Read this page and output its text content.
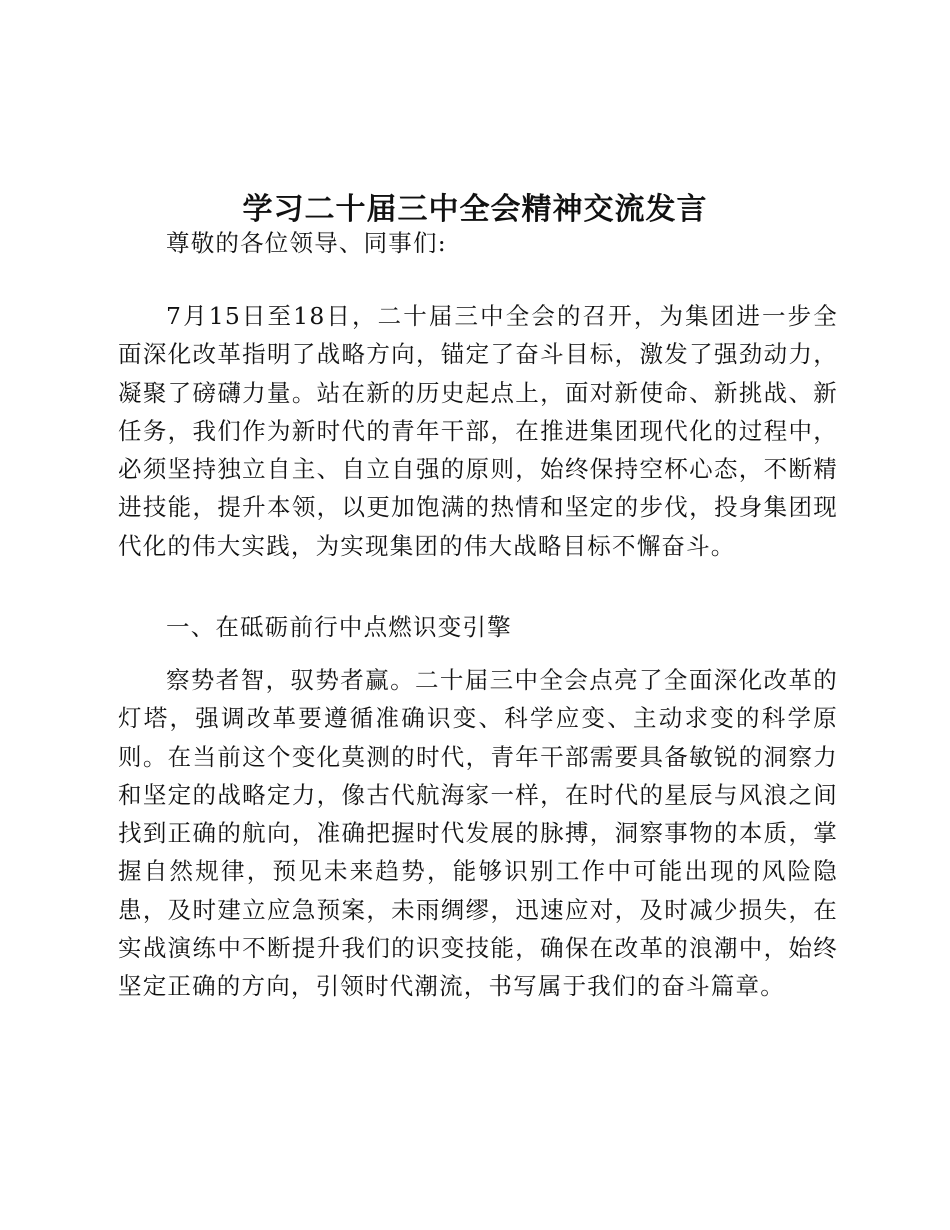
学习二十届三中全会精神交流发言

尊敬的各位领导、同事们:

7月15日至18日，二十届三中全会的召开，为集团进一步全面深化改革指明了战略方向，锚定了奋斗目标，激发了强劲动力，凝聚了磅礴力量。站在新的历史起点上，面对新使命、新挑战、新任务，我们作为新时代的青年干部，在推进集团现代化的过程中，必须坚持独立自主、自立自强的原则，始终保持空杯心态，不断精进技能，提升本领，以更加饱满的热情和坚定的步伐，投身集团现代化的伟大实践，为实现集团的伟大战略目标不懈奋斗。

一、在砥砺前行中点燃识变引擎

察势者智，驭势者赢。二十届三中全会点亮了全面深化改革的灯塔，强调改革要遵循准确识变、科学应变、主动求变的科学原则。在当前这个变化莫测的时代，青年干部需要具备敏锐的洞察力和坚定的战略定力，像古代航海家一样，在时代的星辰与风浪之间找到正确的航向，准确把握时代发展的脉搏，洞察事物的本质，掌握自然规律，预见未来趋势，能够识别工作中可能出现的风险隐患，及时建立应急预案，未雨绸缪，迅速应对，及时减少损失，在实战演练中不断提升我们的识变技能，确保在改革的浪潮中，始终坚定正确的方向，引领时代潮流，书写属于我们的奋斗篇章。
